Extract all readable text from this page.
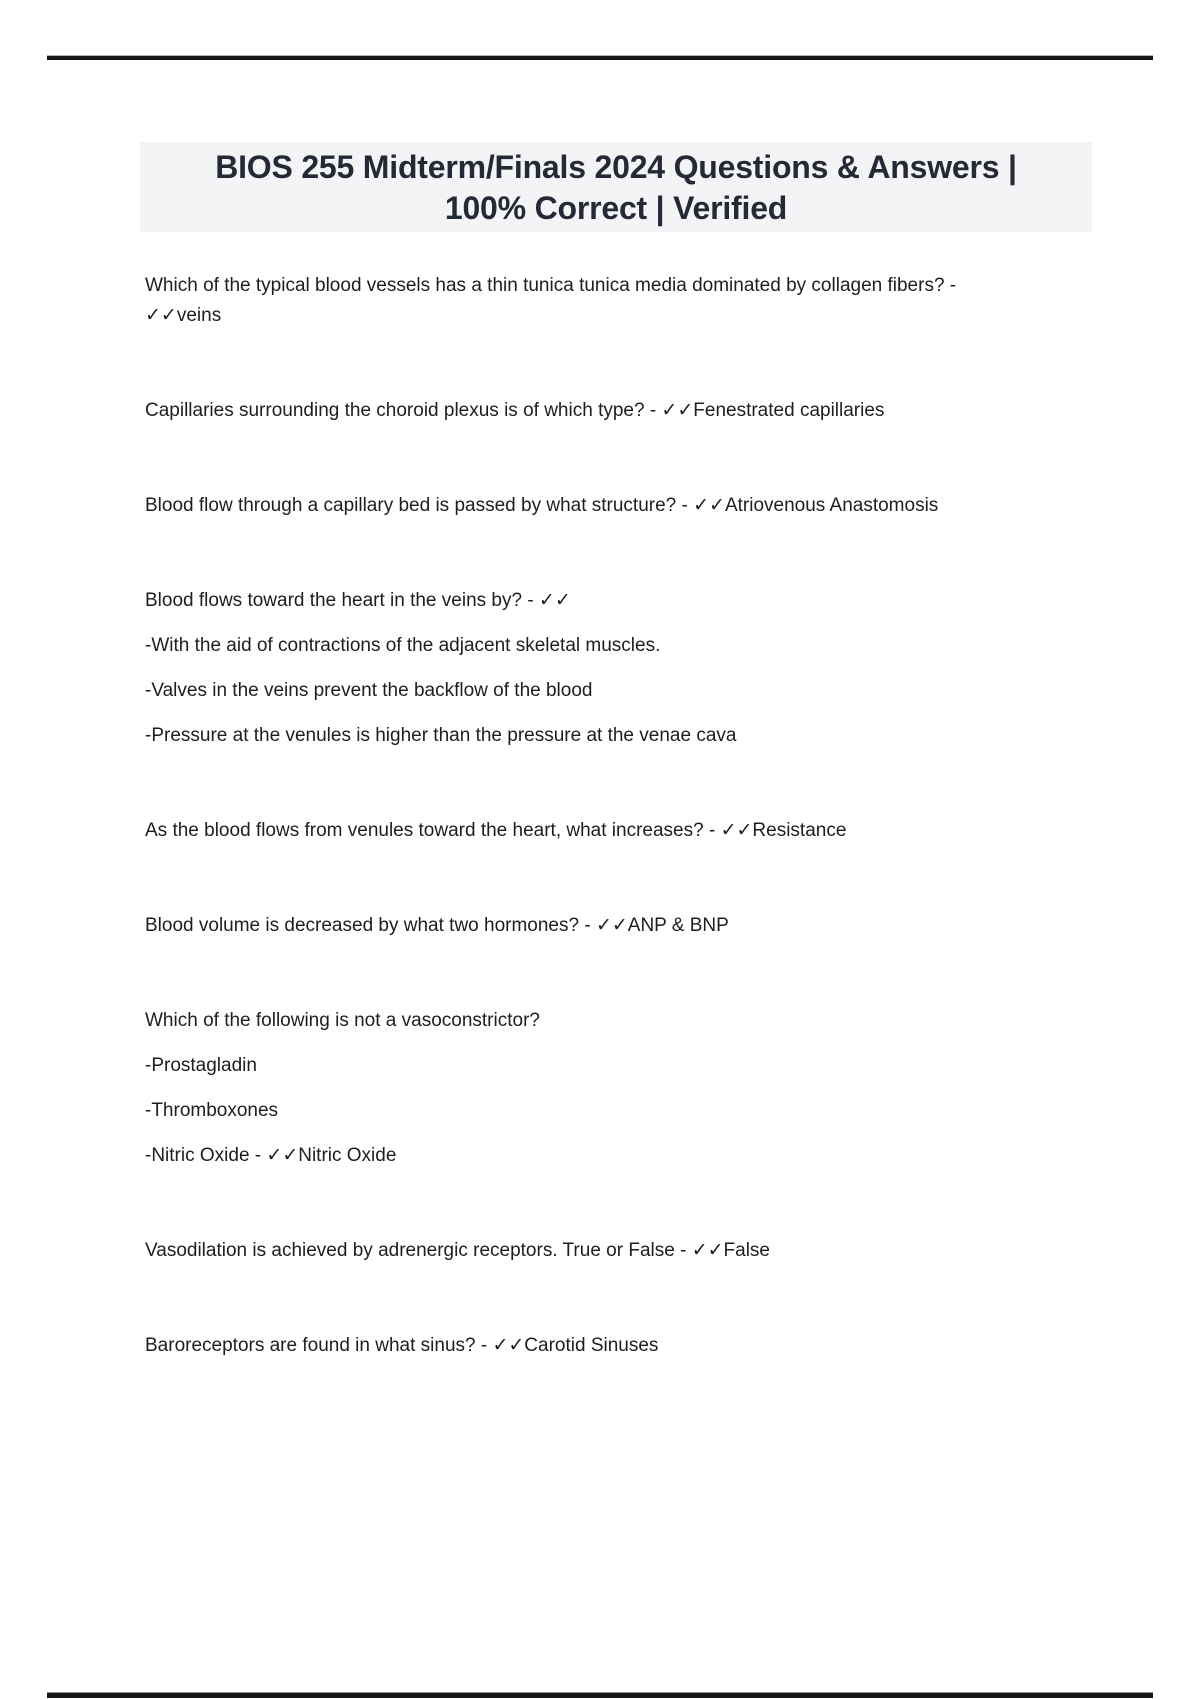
BIOS 255 Midterm/Finals 2024 Questions & Answers |
100% Correct | Verified

Which of the typical blood vessels has a thin tunica tunica media dominated by collagen fibers? -

✓✓veins

Capillaries surrounding the choroid plexus is of which type? - ✓✓Fenestrated capillaries

Blood flow through a capillary bed is passed by what structure? - ✓✓Atriovenous Anastomosis

Blood flows toward the heart in the veins by? - ✓✓

-With the aid of contractions of the adjacent skeletal muscles.

-Valves in the veins prevent the backflow of the blood

-Pressure at the venules is higher than the pressure at the venae cava

As the blood flows from venules toward the heart, what increases? - ✓✓Resistance

Blood volume is decreased by what two hormones? - ✓✓ANP & BNP

Which of the following is not a vasoconstrictor?

-Prostagladin

-Thromboxones

-Nitric Oxide - ✓✓Nitric Oxide

Vasodilation is achieved by adrenergic receptors. True or False - ✓✓False

Baroreceptors are found in what sinus? - ✓✓Carotid Sinuses
